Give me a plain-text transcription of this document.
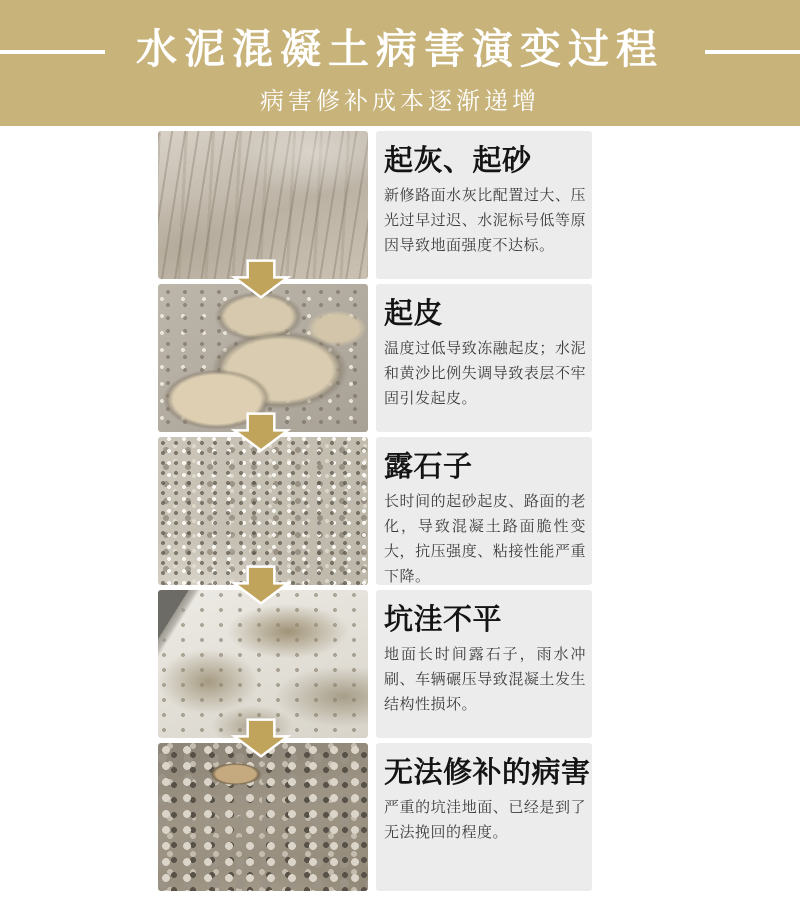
水泥混凝土病害演变过程
病害修补成本逐渐递增
起灰、起砂

新修路面水灰比配置过大、压光过早过迟、水泥标号低等原因导致地面强度不达标。

起皮

温度过低导致冻融起皮；水泥和黄沙比例失调导致表层不牢固引发起皮。

露石子

长时间的起砂起皮、路面的老化，导致混凝土路面脆性变大，抗压强度、粘接性能严重下降。

坑洼不平

地面长时间露石子，雨水冲刷、车辆碾压导致混凝土发生结构性损坏。

无法修补的病害

严重的坑洼地面、已经是到了无法挽回的程度。
